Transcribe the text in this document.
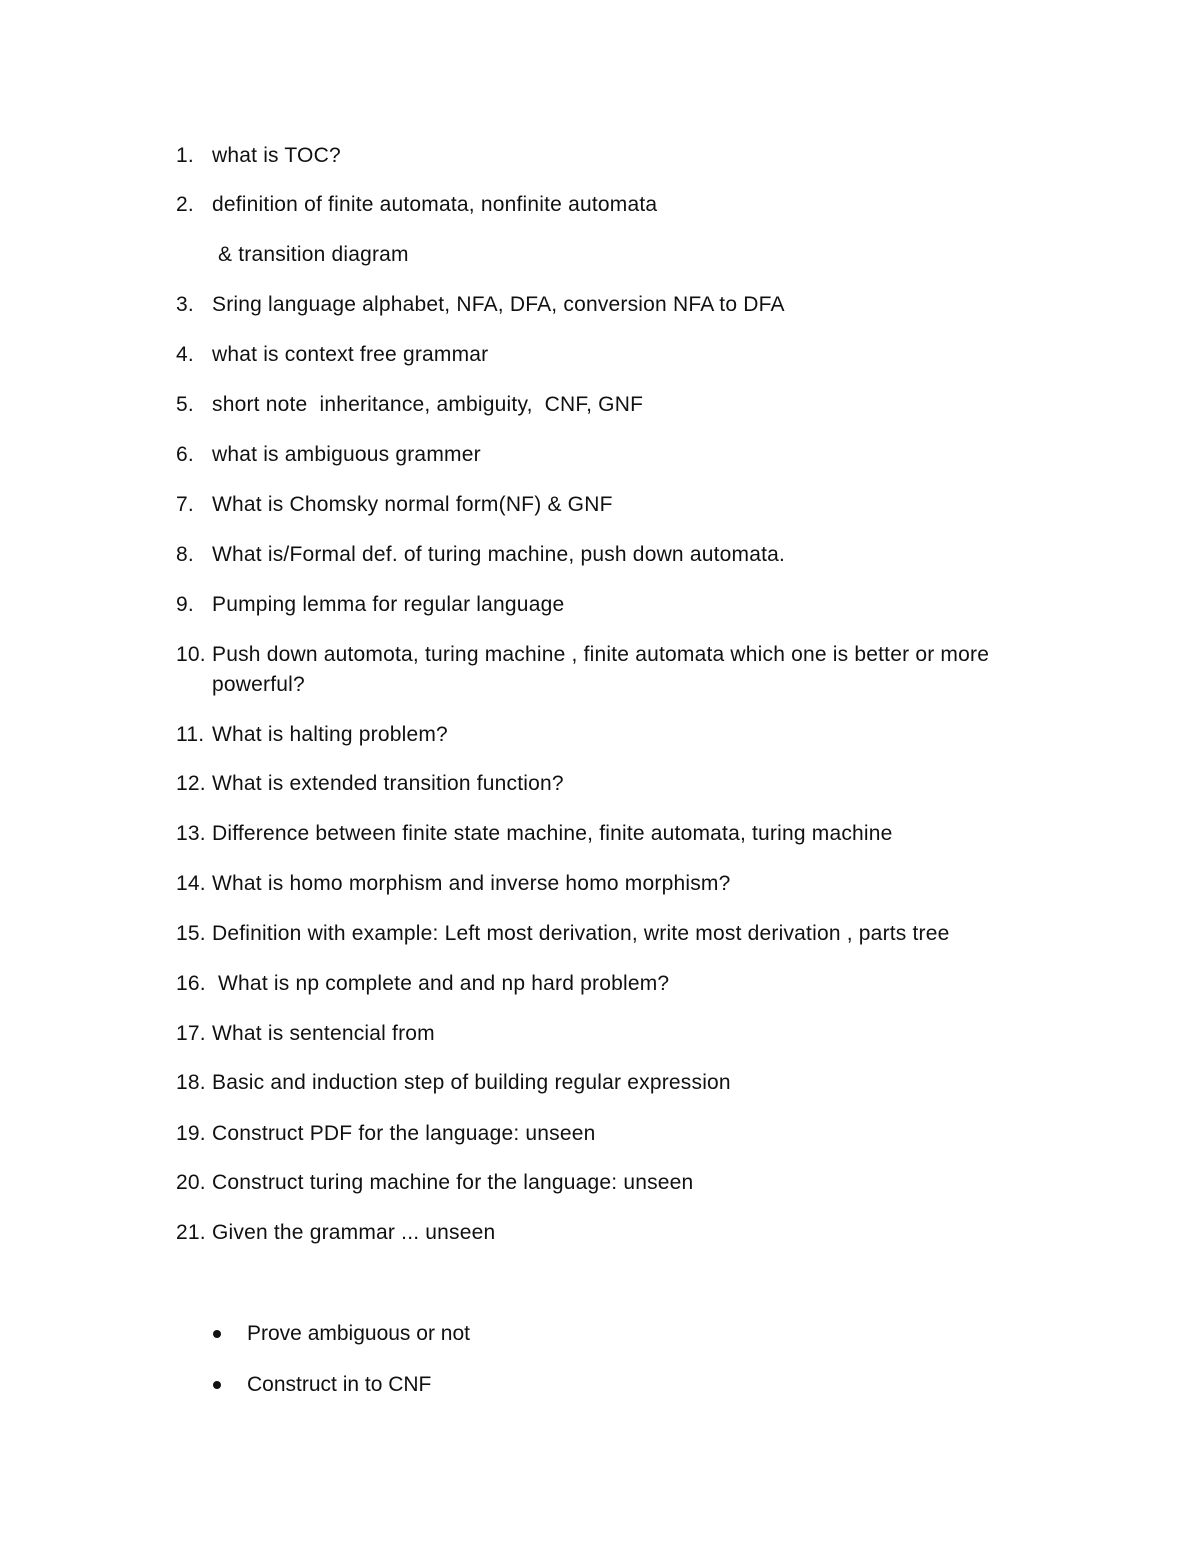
1. what is TOC?
2. definition of finite automata, nonfinite automata
& transition diagram
3. Sring language alphabet, NFA, DFA, conversion NFA to DFA
4. what is context free grammar
5. short note  inheritance, ambiguity,  CNF, GNF
6. what is ambiguous grammer
7. What is Chomsky normal form(NF) & GNF
8. What is/Formal def. of turing machine, push down automata.
9. Pumping lemma for regular language
10. Push down automota, turing machine , finite automata which one is better or more powerful?
11. What is halting problem?
12. What is extended transition function?
13. Difference between finite state machine, finite automata, turing machine
14. What is homo morphism and inverse homo morphism?
15. Definition with example: Left most derivation, write most derivation , parts tree
16. What is np complete and and np hard problem?
17. What is sentencial from
18. Basic and induction step of building regular expression
19. Construct PDF for the language: unseen
20. Construct turing machine for the language: unseen
21. Given the grammar ... unseen
Prove ambiguous or not
Construct in to CNF
